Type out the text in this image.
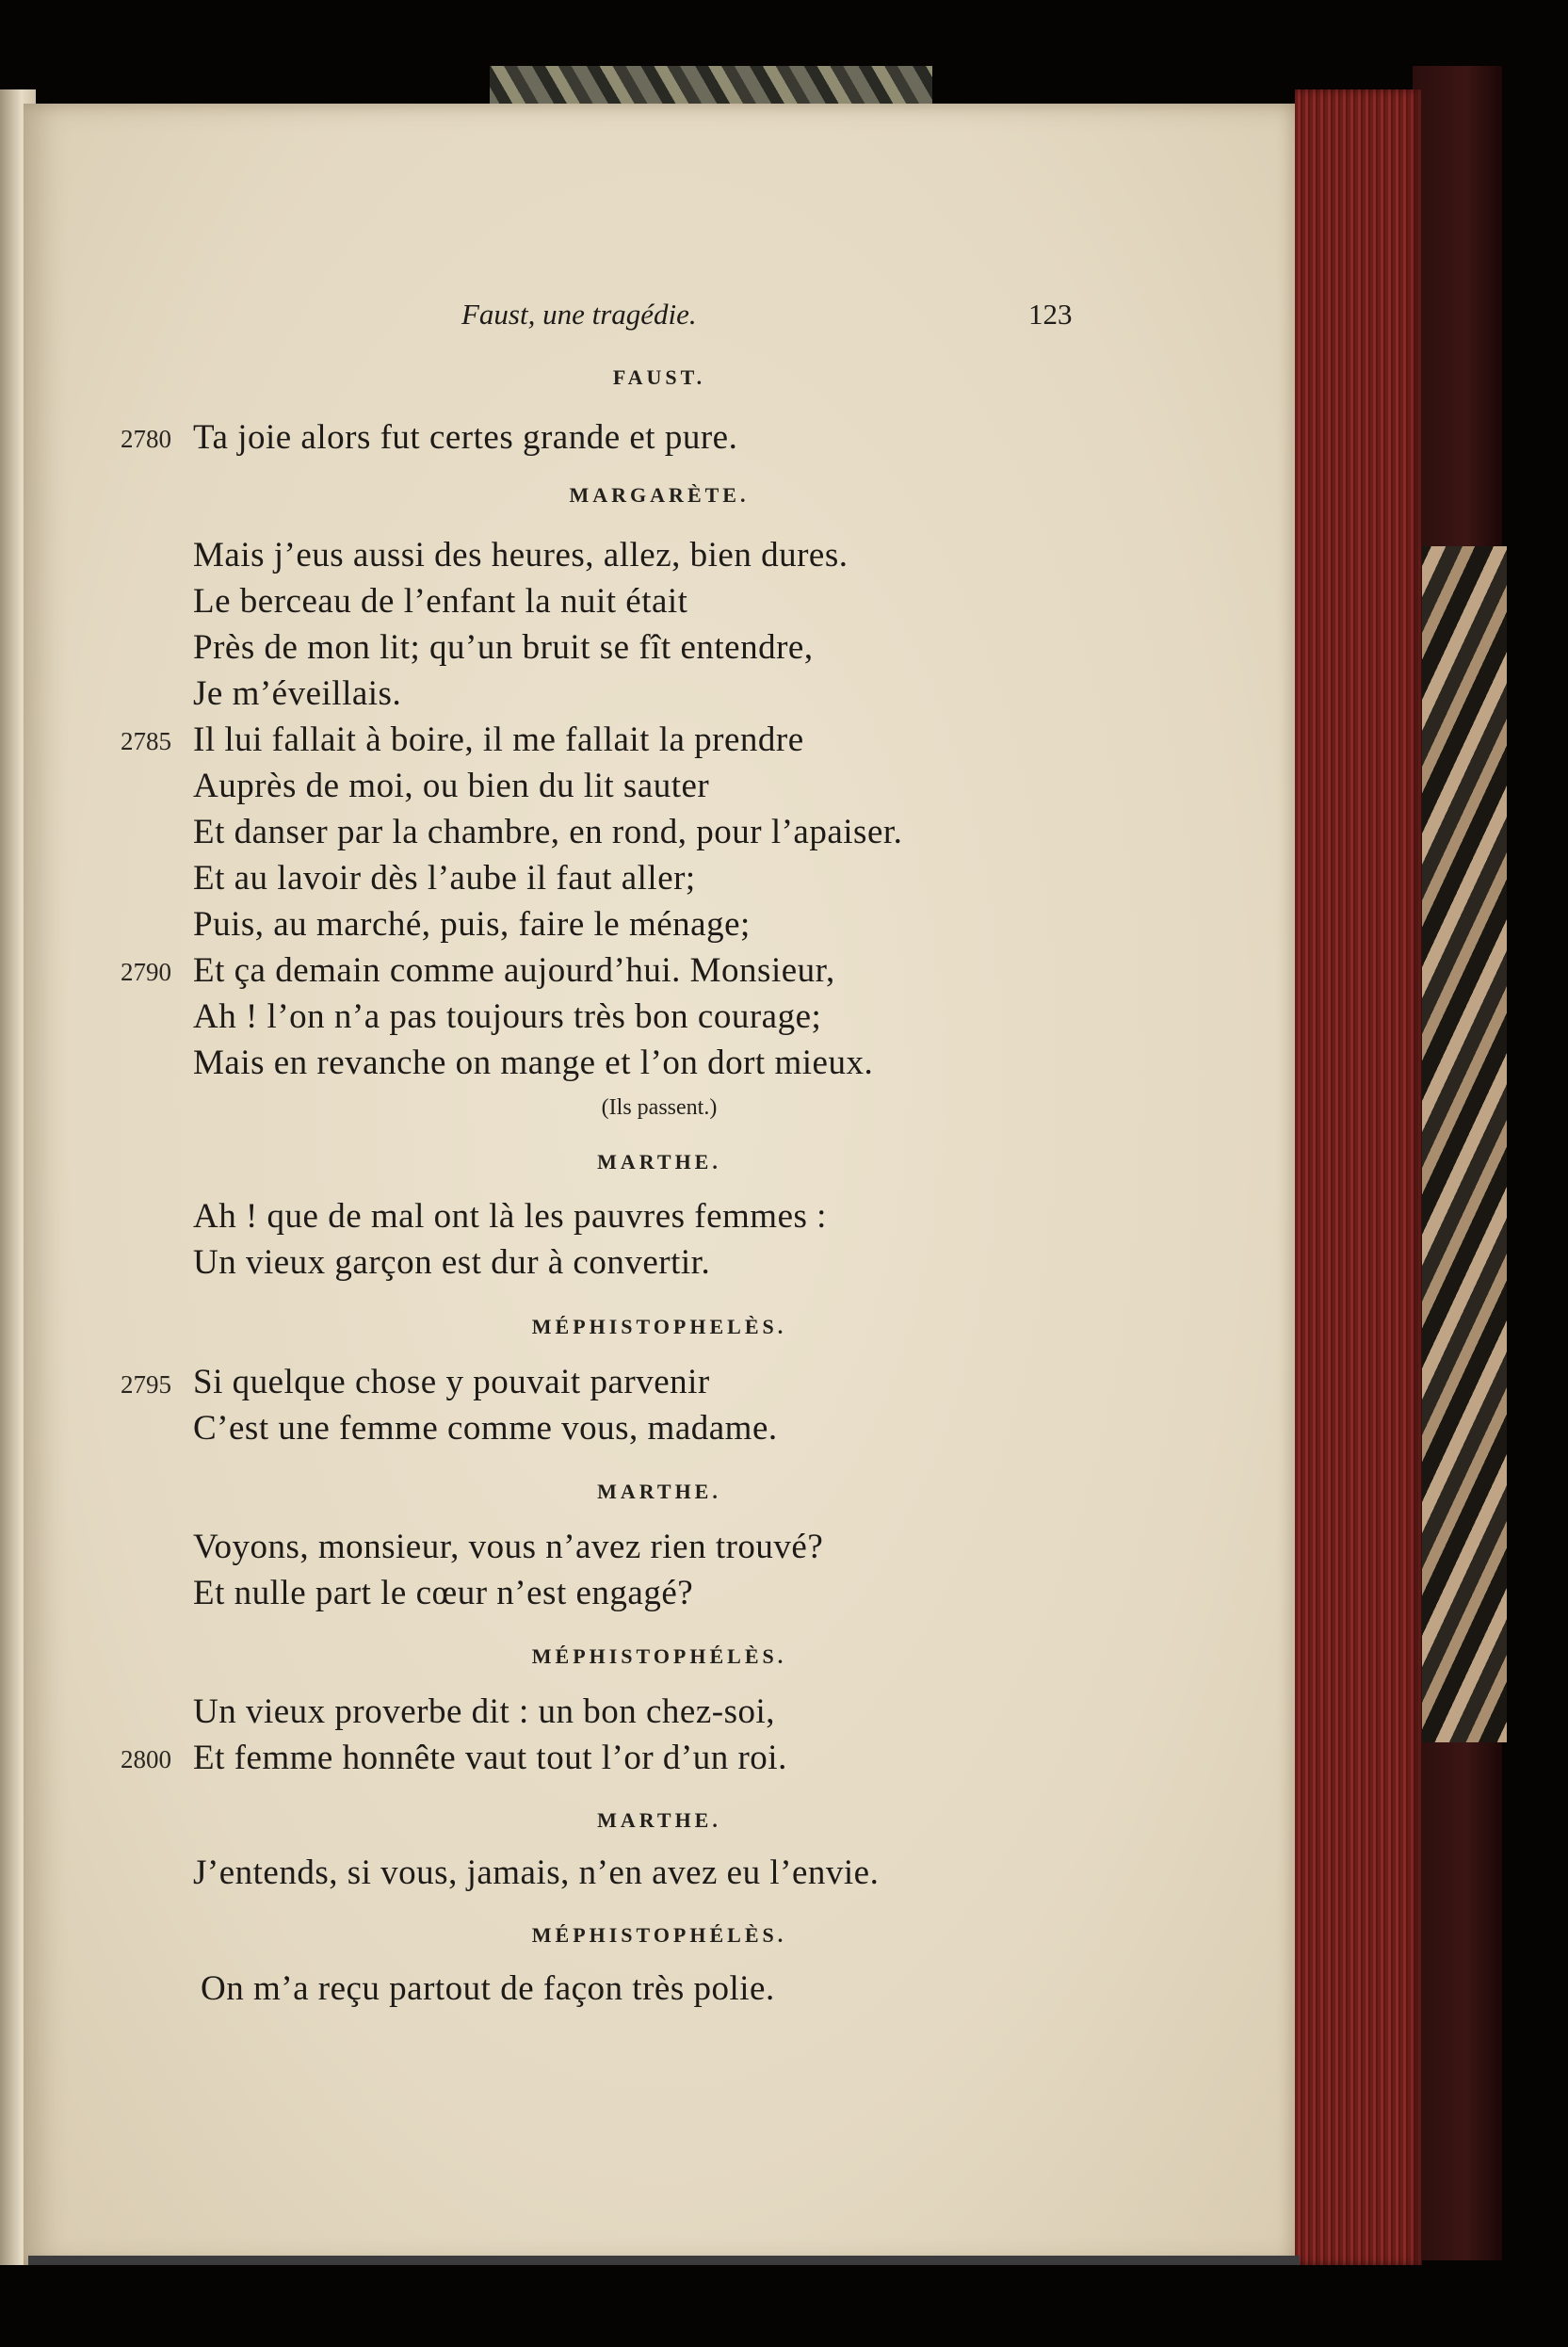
Faust, une tragédie.	123
FAUST.
2780 Ta joie alors fut certes grande et pure.
MARGARÈTE.
Mais j’eus aussi des heures, allez, bien dures.
Le berceau de l’enfant la nuit était
Près de mon lit; qu’un bruit se fît entendre,
Je m’éveillais.
2785 Il lui fallait à boire, il me fallait la prendre
Auprès de moi, ou bien du lit sauter
Et danser par la chambre, en rond, pour l’apaiser.
Et au lavoir dès l’aube il faut aller;
Puis, au marché, puis, faire le ménage;
2790 Et ça demain comme aujourd’hui. Monsieur,
Ah ! l’on n’a pas toujours très bon courage;
Mais en revanche on mange et l’on dort mieux.
(Ils passent.)
MARTHE.
Ah ! que de mal ont là les pauvres femmes :
Un vieux garçon est dur à convertir.
MÉPHISTOPHELÈS.
2795 Si quelque chose y pouvait parvenir
C’est une femme comme vous, madame.
MARTHE.
Voyons, monsieur, vous n’avez rien trouvé?
Et nulle part le cœur n’est engagé?
MÉPHISTOPHÉLÈS.
Un vieux proverbe dit : un bon chez-soi,
2800 Et femme honnête vaut tout l’or d’un roi.
MARTHE.
J’entends, si vous, jamais, n’en avez eu l’envie.
MÉPHISTOPHÉLÈS.
On m’a reçu partout de façon très polie.
